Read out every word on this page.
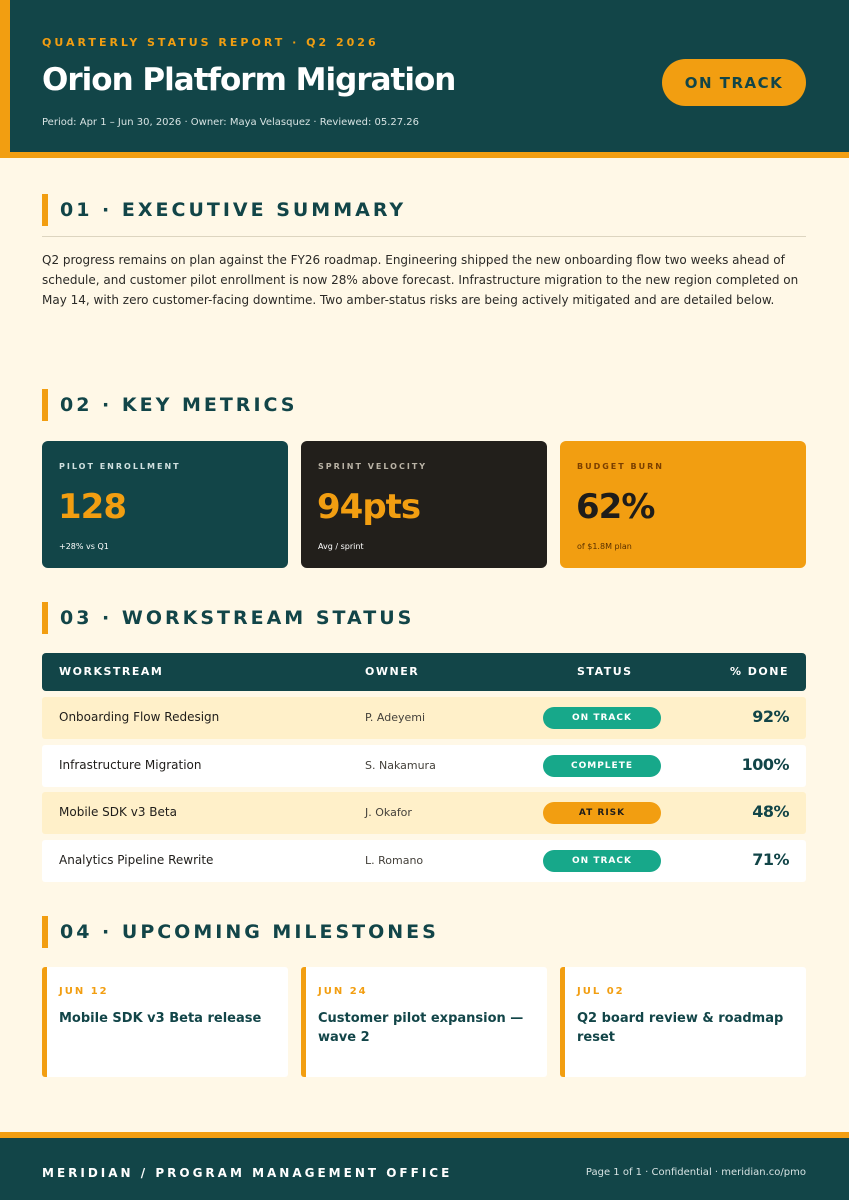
QUARTERLY STATUS REPORT · Q2 2026
Orion Platform Migration
Period: Apr 1 – Jun 30, 2026 · Owner: Maya Velasquez · Reviewed: 05.27.26
ON TRACK
01 · EXECUTIVE SUMMARY

Q2 progress remains on plan against the FY26 roadmap. Engineering shipped the new onboarding flow two weeks ahead of schedule, and customer pilot enrollment is now 28% above forecast. Infrastructure migration to the new region completed on May 14, with zero customer-facing downtime. Two amber-status risks are being actively mitigated and are detailed below.

02 · KEY METRICS
PILOT ENROLLMENT
128
+28% vs Q1
SPRINT VELOCITY
94pts
Avg / sprint
BUDGET BURN
62%
of $1.8M plan
03 · WORKSTREAM STATUS
WORKSTREAM	OWNER	STATUS	% DONE
Onboarding Flow Redesign	P. Adeyemi	ON TRACK	92%
Infrastructure Migration	S. Nakamura	COMPLETE	100%
Mobile SDK v3 Beta	J. Okafor	AT RISK	48%
Analytics Pipeline Rewrite	L. Romano	ON TRACK	71%
04 · UPCOMING MILESTONES
JUN 12
Mobile SDK v3 Beta release
JUN 24
Customer pilot expansion — wave 2
JUL 02
Q2 board review & roadmap reset
MERIDIAN / PROGRAM MANAGEMENT OFFICE	Page 1 of 1 · Confidential · meridian.co/pmo
